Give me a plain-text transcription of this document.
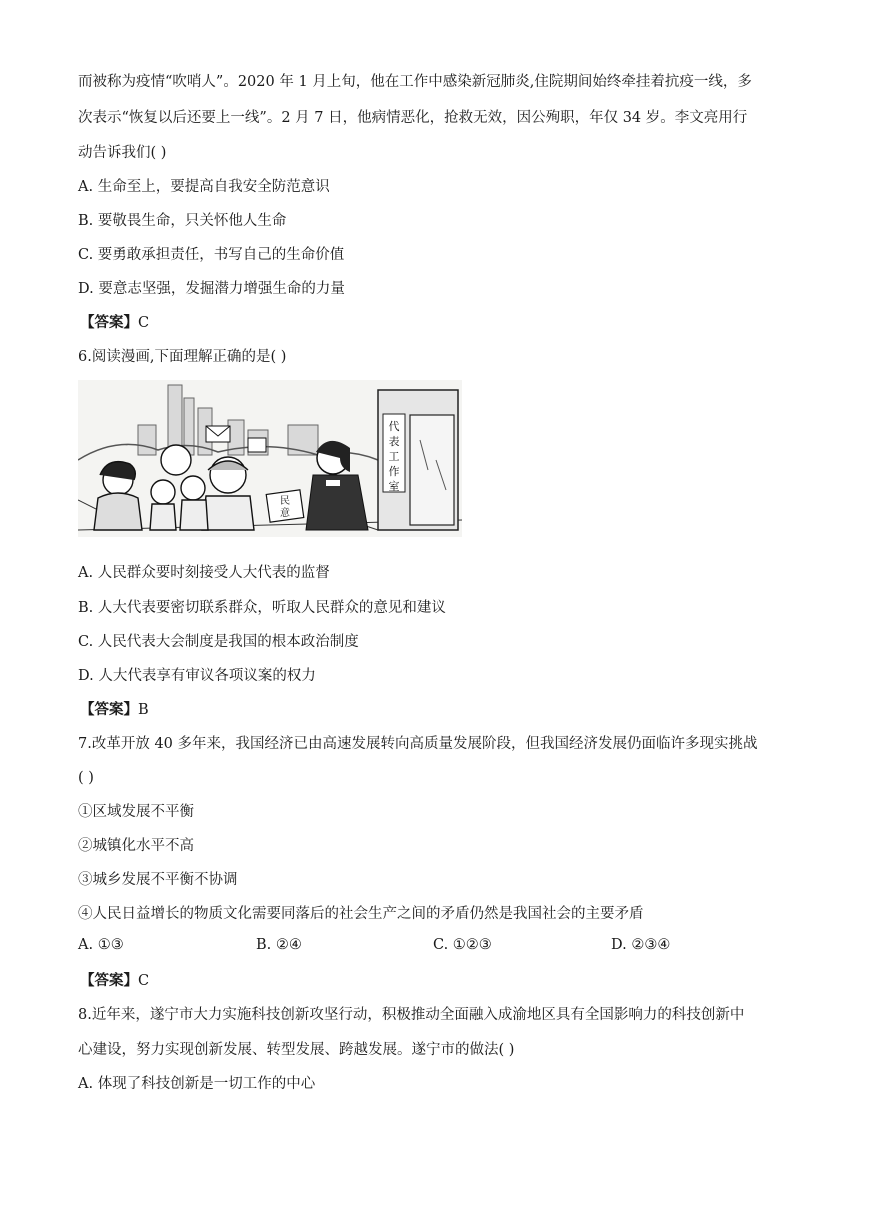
而被称为疫情“吹哨人”。2020 年 1 月上旬，他在工作中感染新冠肺炎,住院期间始终牵挂着抗疫一线，多
次表示“恢复以后还要上一线”。2 月 7 日，他病情恶化，抢救无效，因公殉职，年仅 34 岁。李文亮用行
动告诉我们( )
A. 生命至上，要提高自我安全防范意识
B. 要敬畏生命，只关怀他人生命
C. 要勇敢承担责任，书写自己的生命价值
D. 要意志坚强，发掘潜力增强生命的力量
【答案】C
6.阅读漫画,下面理解正确的是( )
代
表
工
作
室
民
意
A. 人民群众要时刻接受人大代表的监督
B. 人大代表要密切联系群众，听取人民群众的意见和建议
C. 人民代表大会制度是我国的根本政治制度
D. 人大代表享有审议各项议案的权力
【答案】B
7.改革开放 40 多年来，我国经济已由高速发展转向高质量发展阶段，但我国经济发展仍面临许多现实挑战
( )
①区域发展不平衡
②城镇化水平不高
③城乡发展不平衡不协调
④人民日益增长的物质文化需要同落后的社会生产之间的矛盾仍然是我国社会的主要矛盾
A. ①③	B. ②④	C. ①②③	D. ②③④
【答案】C
8.近年来，遂宁市大力实施科技创新攻坚行动，积极推动全面融入成渝地区具有全国影响力的科技创新中
心建设，努力实现创新发展、转型发展、跨越发展。遂宁市的做法( )
A. 体现了科技创新是一切工作的中心
